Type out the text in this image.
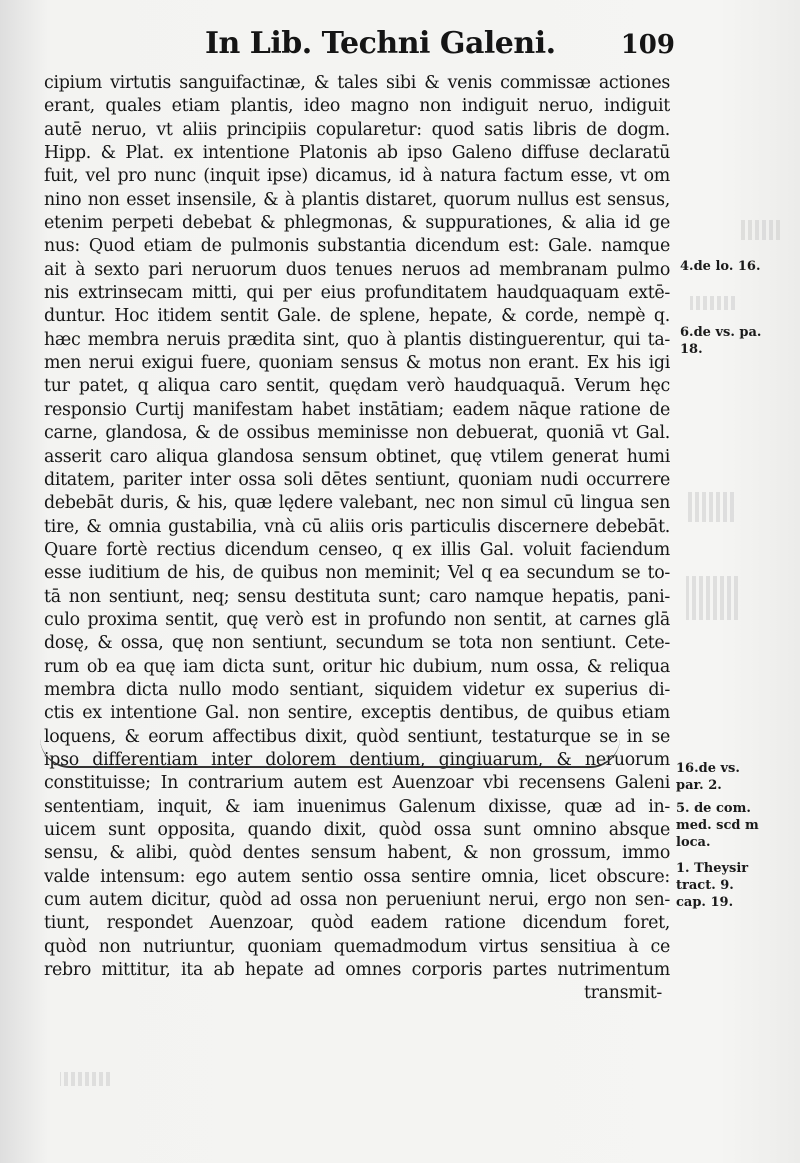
In Lib. Techni Galeni.	109
cipium virtutis sanguifactinæ, & tales sibi & venis commissæ actiones
erant, quales etiam plantis, ideo magno non indiguit neruo, indiguit
autē neruo, vt aliis principiis copularetur: quod satis libris de dogm.
Hipp. & Plat. ex intentione Platonis ab ipso Galeno diffuse declaratū
fuit, vel pro nunc (inquit ipse) dicamus, id à natura factum esse, vt om
nino non esset insensile, & à plantis distaret, quorum nullus est sensus,
etenim perpeti debebat & phlegmonas, & suppurationes, & alia id ge
nus: Quod etiam de pulmonis substantia dicendum est: Gale. namque
ait à sexto pari neruorum duos tenues neruos ad membranam pulmo
nis extrinsecam mitti, qui per eius profunditatem haudquaquam extē-
duntur. Hoc itidem sentit Gale. de splene, hepate, & corde, nempè q.
hæc membra neruis prædita sint, quo à plantis distinguerentur, qui ta-
men nerui exigui fuere, quoniam sensus & motus non erant. Ex his igi
tur patet, q aliqua caro sentit, quędam verò haudquaquā. Verum hęc
responsio Curtij manifestam habet instātiam; eadem nāque ratione de
carne, glandosa, & de ossibus meminisse non debuerat, quoniā vt Gal.
asserit caro aliqua glandosa sensum obtinet, quę vtilem generat humi
ditatem, pariter inter ossa soli dētes sentiunt, quoniam nudi occurrere
debebāt duris, & his, quæ lędere valebant, nec non simul cū lingua sen
tire, & omnia gustabilia, vnà cū aliis oris particulis discernere debebāt.
Quare fortè rectius dicendum censeo, q ex illis Gal. voluit faciendum
esse iuditium de his, de quibus non meminit; Vel q ea secundum se to-
tā non sentiunt, neq; sensu destituta sunt; caro namque hepatis, pani-
culo proxima sentit, quę verò est in profundo non sentit, at carnes glā
dosę, & ossa, quę non sentiunt, secundum se tota non sentiunt. Cete-
rum ob ea quę iam dicta sunt, oritur hic dubium, num ossa, & reliqua
membra dicta nullo modo sentiant, siquidem videtur ex superius di-
ctis ex intentione Gal. non sentire, exceptis dentibus, de quibus etiam
loquens, & eorum affectibus dixit, quòd sentiunt, testaturque se in se
ipso differentiam inter dolorem dentium, gingiuarum, & neruorum
constituisse; In contrarium autem est Auenzoar vbi recensens Galeni
sententiam, inquit, & iam inuenimus Galenum dixisse, quæ ad in-
uicem sunt opposita, quando dixit, quòd ossa sunt omnino absque
sensu, & alibi, quòd dentes sensum habent, & non grossum, immo
valde intensum: ego autem sentio ossa sentire omnia, licet obscure:
cum autem dicitur, quòd ad ossa non perueniunt nerui, ergo non sen-
tiunt, respondet Auenzoar, quòd eadem ratione dicendum foret,
quòd non nutriuntur, quoniam quemadmodum virtus sensitiua à ce
rebro mittitur, ita ab hepate ad omnes corporis partes nutrimentum
transmit-
4.de lo. 16.
6.de vs. pa.
18.
16.de vs.
par. 2.
5. de com.
med. scd m
loca.
1. Theysir
tract. 9.
cap. 19.
